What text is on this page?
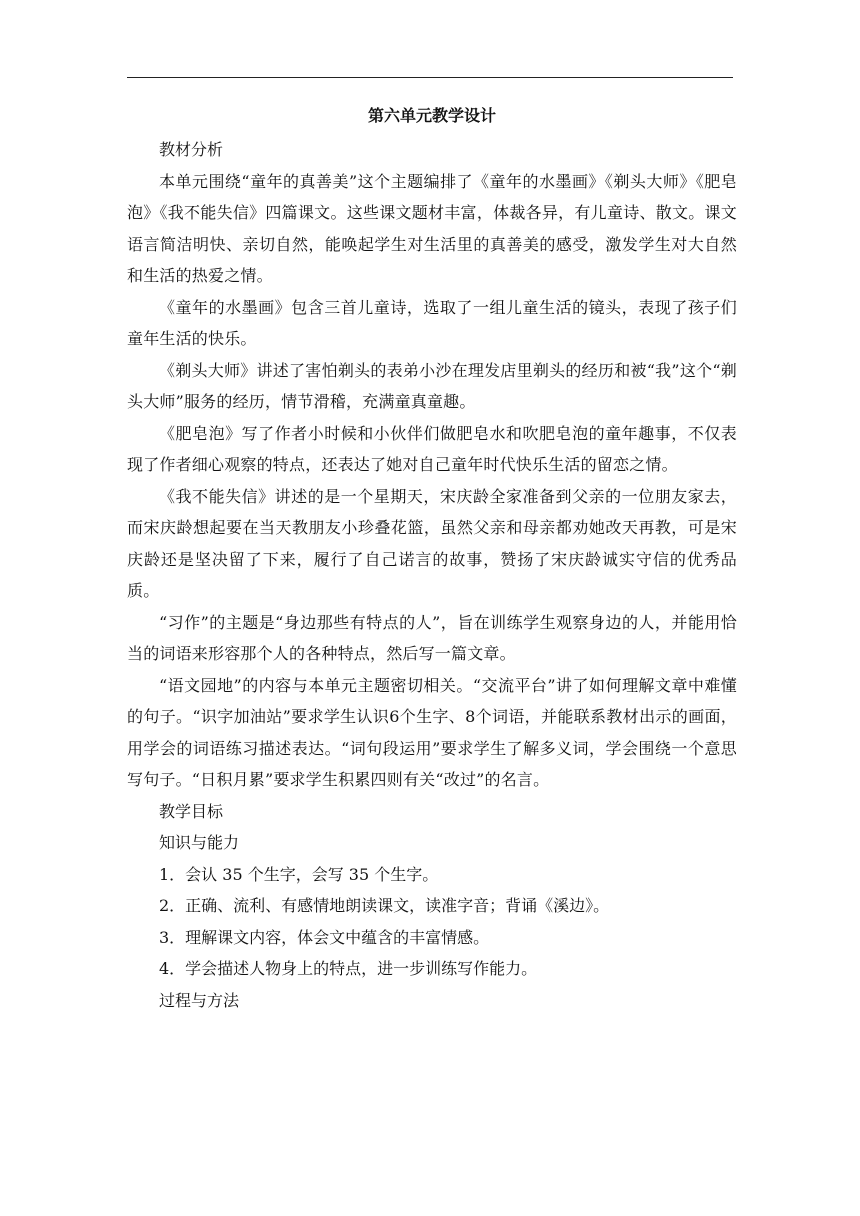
第六单元教学设计
教材分析

本单元围绕“童年的真善美”这个主题编排了《童年的水墨画》《剃头大师》《肥皂泡》《我不能失信》四篇课文。这些课文题材丰富，体裁各异，有儿童诗、散文。课文语言简洁明快、亲切自然，能唤起学生对生活里的真善美的感受，激发学生对大自然和生活的热爱之情。

《童年的水墨画》包含三首儿童诗，选取了一组儿童生活的镜头，表现了孩子们童年生活的快乐。

《剃头大师》讲述了害怕剃头的表弟小沙在理发店里剃头的经历和被“我”这个“剃头大师”服务的经历，情节滑稽，充满童真童趣。

《肥皂泡》写了作者小时候和小伙伴们做肥皂水和吹肥皂泡的童年趣事，不仅表现了作者细心观察的特点，还表达了她对自己童年时代快乐生活的留恋之情。

《我不能失信》讲述的是一个星期天，宋庆龄全家准备到父亲的一位朋友家去，而宋庆龄想起要在当天教朋友小珍叠花篮，虽然父亲和母亲都劝她改天再教，可是宋庆龄还是坚决留了下来，履行了自己诺言的故事，赞扬了宋庆龄诚实守信的优秀品质。

“习作”的主题是“身边那些有特点的人”，旨在训练学生观察身边的人，并能用恰当的词语来形容那个人的各种特点，然后写一篇文章。

“语文园地”的内容与本单元主题密切相关。“交流平台”讲了如何理解文章中难懂的句子。“识字加油站”要求学生认识6个生字、8个词语，并能联系教材出示的画面，用学会的词语练习描述表达。“词句段运用”要求学生了解多义词，学会围绕一个意思写句子。“日积月累”要求学生积累四则有关“改过”的名言。

教学目标
知识与能力
1．会认 35 个生字，会写 35 个生字。
2．正确、流利、有感情地朗读课文，读准字音；背诵《溪边》。
3．理解课文内容，体会文中蕴含的丰富情感。
4．学会描述人物身上的特点，进一步训练写作能力。
过程与方法
